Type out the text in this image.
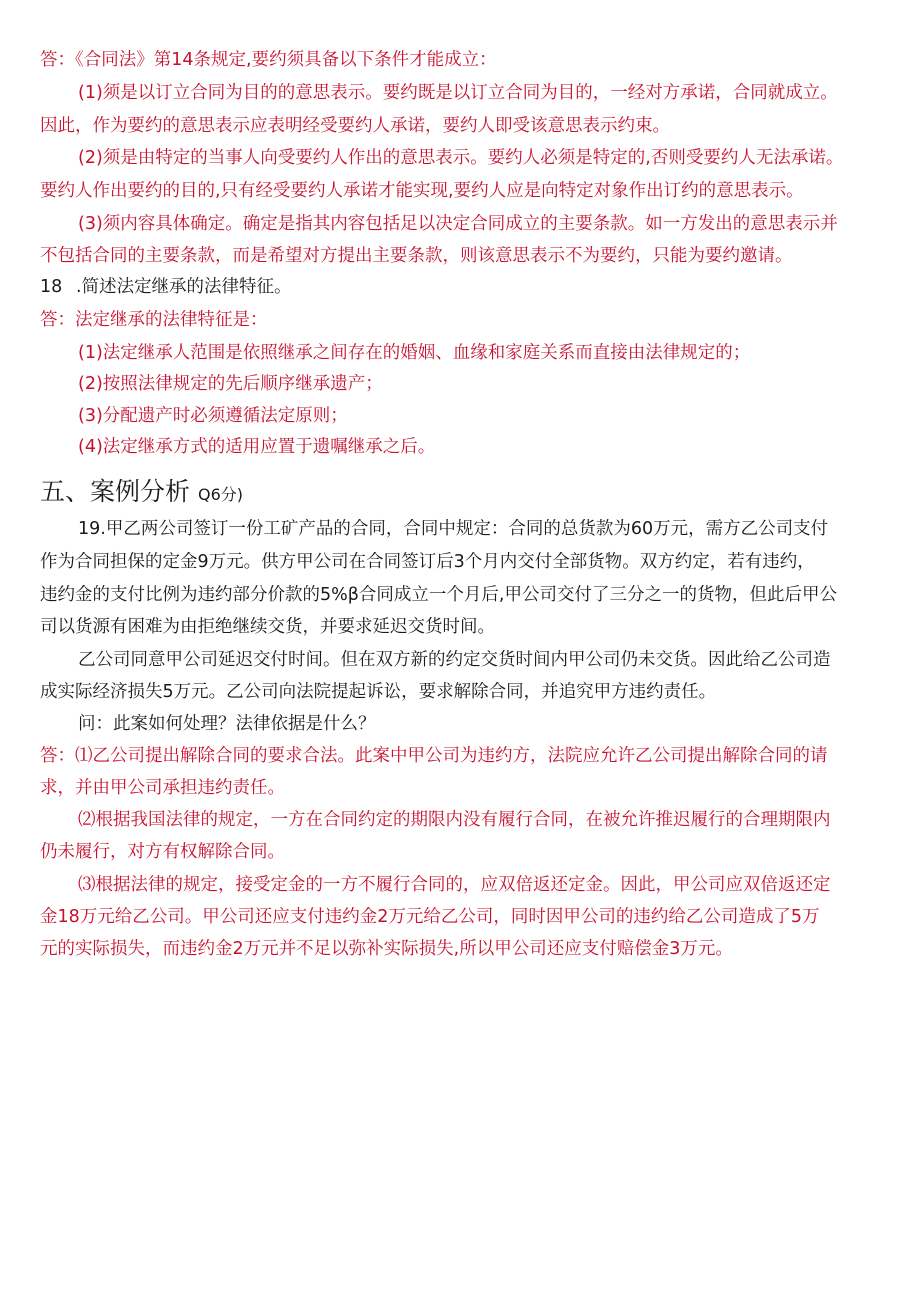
答：《合同法》第14条规定,要约须具备以下条件才能成立：
(1)须是以订立合同为目的的意思表示。要约既是以订立合同为目的，一经对方承诺，合同就成立。
因此，作为要约的意思表示应表明经受要约人承诺，要约人即受该意思表示约束。
(2)须是由特定的当事人向受要约人作出的意思表示。要约人必须是特定的,否则受要约人无法承诺。
要约人作出要约的目的,只有经受要约人承诺才能实现,要约人应是向特定对象作出订约的意思表示。
(3)须内容具体确定。确定是指其内容包括足以决定合同成立的主要条款。如一方发出的意思表示并
不包括合同的主要条款，而是希望对方提出主要条款，则该意思表示不为要约，只能为要约邀请。
18 .简述法定继承的法律特征。
答：法定继承的法律特征是：
(1)法定继承人范围是依照继承之间存在的婚姻、血缘和家庭关系而直接由法律规定的；
(2)按照法律规定的先后顺序继承遗产；
(3)分配遗产时必须遵循法定原则；
(4)法定继承方式的适用应置于遗嘱继承之后。
五、案例分析 Q6分)
19.甲乙两公司签订一份工矿产品的合同，合同中规定：合同的总货款为60万元，需方乙公司支付
作为合同担保的定金9万元。供方甲公司在合同签订后3个月内交付全部货物。双方约定，若有违约，
违约金的支付比例为违约部分价款的5%β合同成立一个月后,甲公司交付了三分之一的货物，但此后甲公
司以货源有困难为由拒绝继续交货，并要求延迟交货时间。
乙公司同意甲公司延迟交付时间。但在双方新的约定交货时间内甲公司仍未交货。因此给乙公司造
成实际经济损失5万元。乙公司向法院提起诉讼，要求解除合同，并追究甲方违约责任。
问：此案如何处理？法律依据是什么？
答：⑴乙公司提出解除合同的要求合法。此案中甲公司为违约方，法院应允许乙公司提出解除合同的请
求，并由甲公司承担违约责任。
⑵根据我国法律的规定，一方在合同约定的期限内没有履行合同，在被允许推迟履行的合理期限内
仍未履行，对方有权解除合同。
⑶根据法律的规定，接受定金的一方不履行合同的，应双倍返还定金。因此，甲公司应双倍返还定
金18万元给乙公司。甲公司还应支付违约金2万元给乙公司，同时因甲公司的违约给乙公司造成了5万
元的实际损失，而违约金2万元并不足以弥补实际损失,所以甲公司还应支付赔偿金3万元。
